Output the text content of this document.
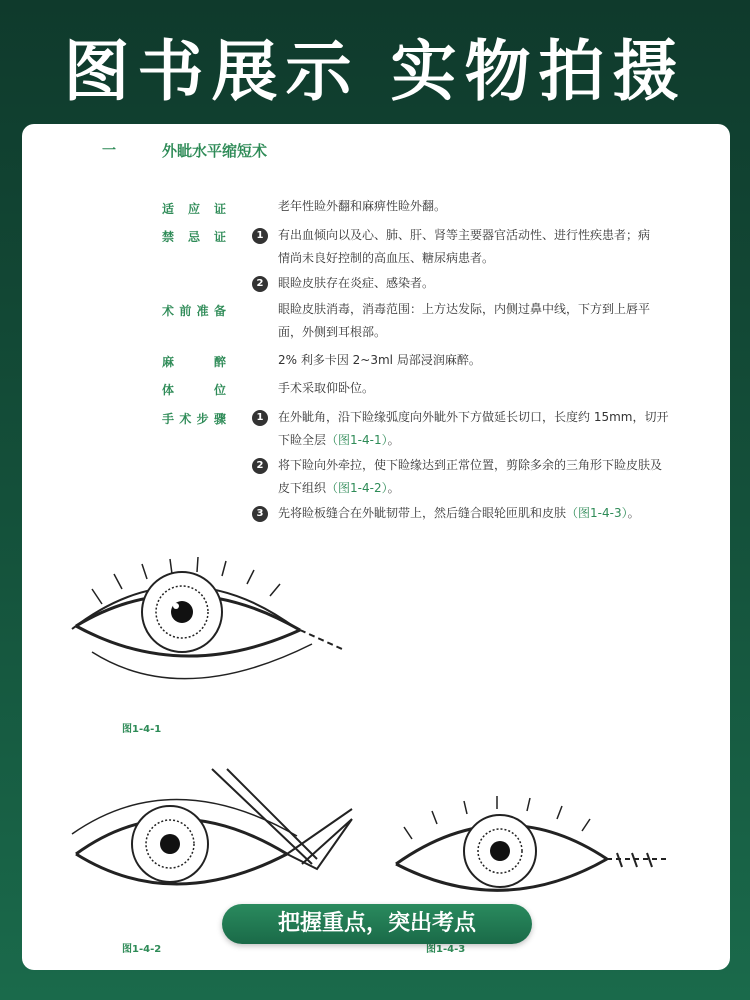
图书展示 实物拍摄
一	外眦水平缩短术
适 应 证	老年性睑外翻和麻痹性睑外翻。
禁 忌 证	1	有出血倾向以及心、肺、肝、肾等主要器官活动性、进行性疾患者；病
情尚未良好控制的高血压、糖尿病患者。
2	眼睑皮肤存在炎症、感染者。
术前准备	眼睑皮肤消毒，消毒范围：上方达发际，内侧过鼻中线，下方到上唇平
面，外侧到耳根部。
麻 醉	2% 利多卡因 2~3ml 局部浸润麻醉。
体 位	手术采取仰卧位。
手术步骤	1	在外眦角，沿下睑缘弧度向外眦外下方做延长切口，长度约 15mm，切开
下睑全层（图1-4-1）。
2	将下睑向外牵拉，使下睑缘达到正常位置，剪除多余的三角形下睑皮肤及
皮下组织（图1-4-2）。
3	先将睑板缝合在外眦韧带上，然后缝合眼轮匝肌和皮肤（图1-4-3）。
图1-4-1
图1-4-2	图1-4-3
把握重点，突出考点
